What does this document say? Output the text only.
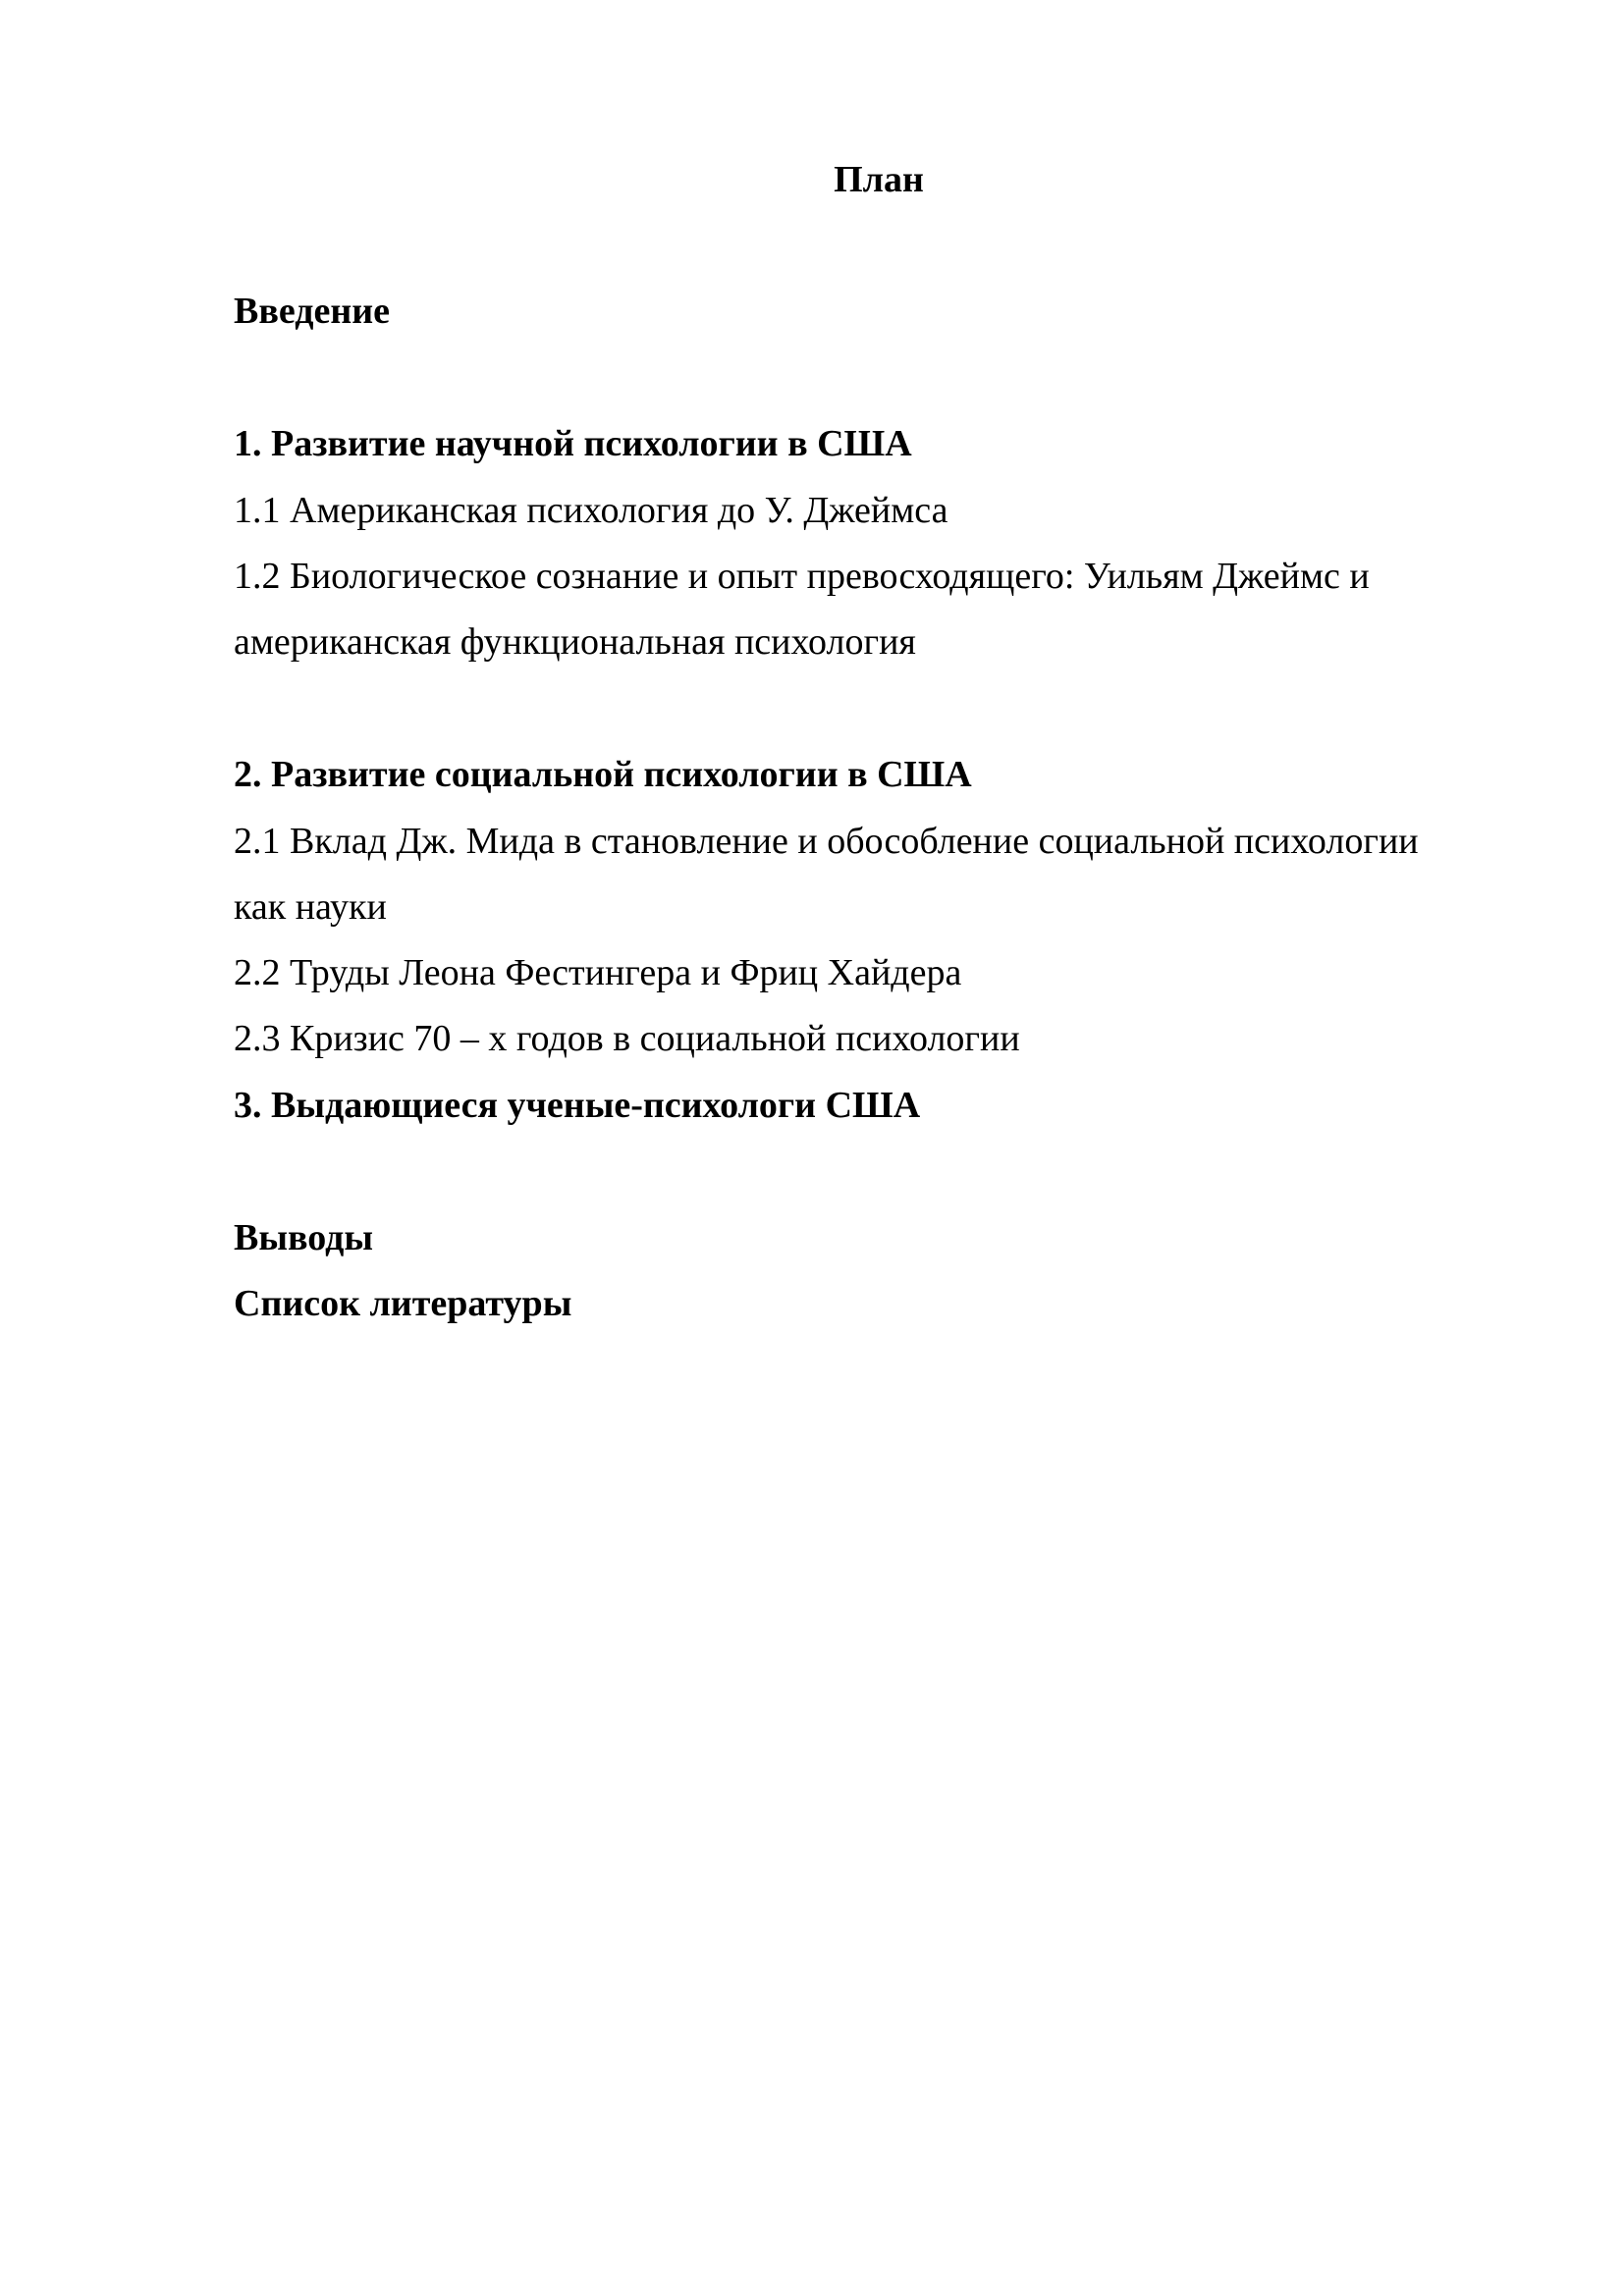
План

Введение

1. Развитие научной психологии в США

1.1 Американская психология до У. Джеймса

1.2 Биологическое сознание и опыт превосходящего: Уильям Джеймс и

американская функциональная психология

2. Развитие социальной психологии в США

2.1 Вклад Дж. Мида в становление и обособление социальной психологии

как науки

2.2 Труды Леона Фестингера и Фриц Хайдера

2.3 Кризис 70 – х годов в социальной психологии

3. Выдающиеся ученые-психологи США

Выводы

Список литературы
